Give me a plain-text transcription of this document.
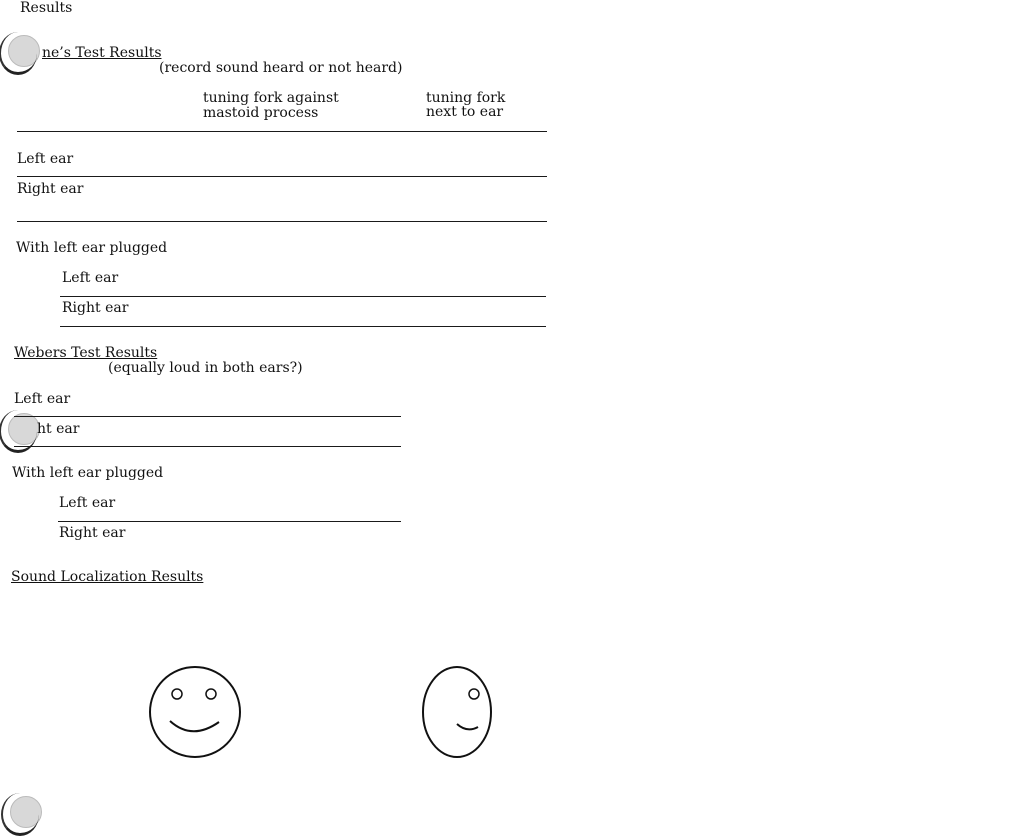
Results

ne’s Test Results

(record sound heard or not heard)

tuning fork against

mastoid process

tuning fork

next to ear

Left ear

Right ear

With left ear plugged

Left ear

Right ear

Webers Test Results

(equally loud in both ears?)

Left ear

ht ear

With left ear plugged

Left ear

Right ear

Sound Localization Results
